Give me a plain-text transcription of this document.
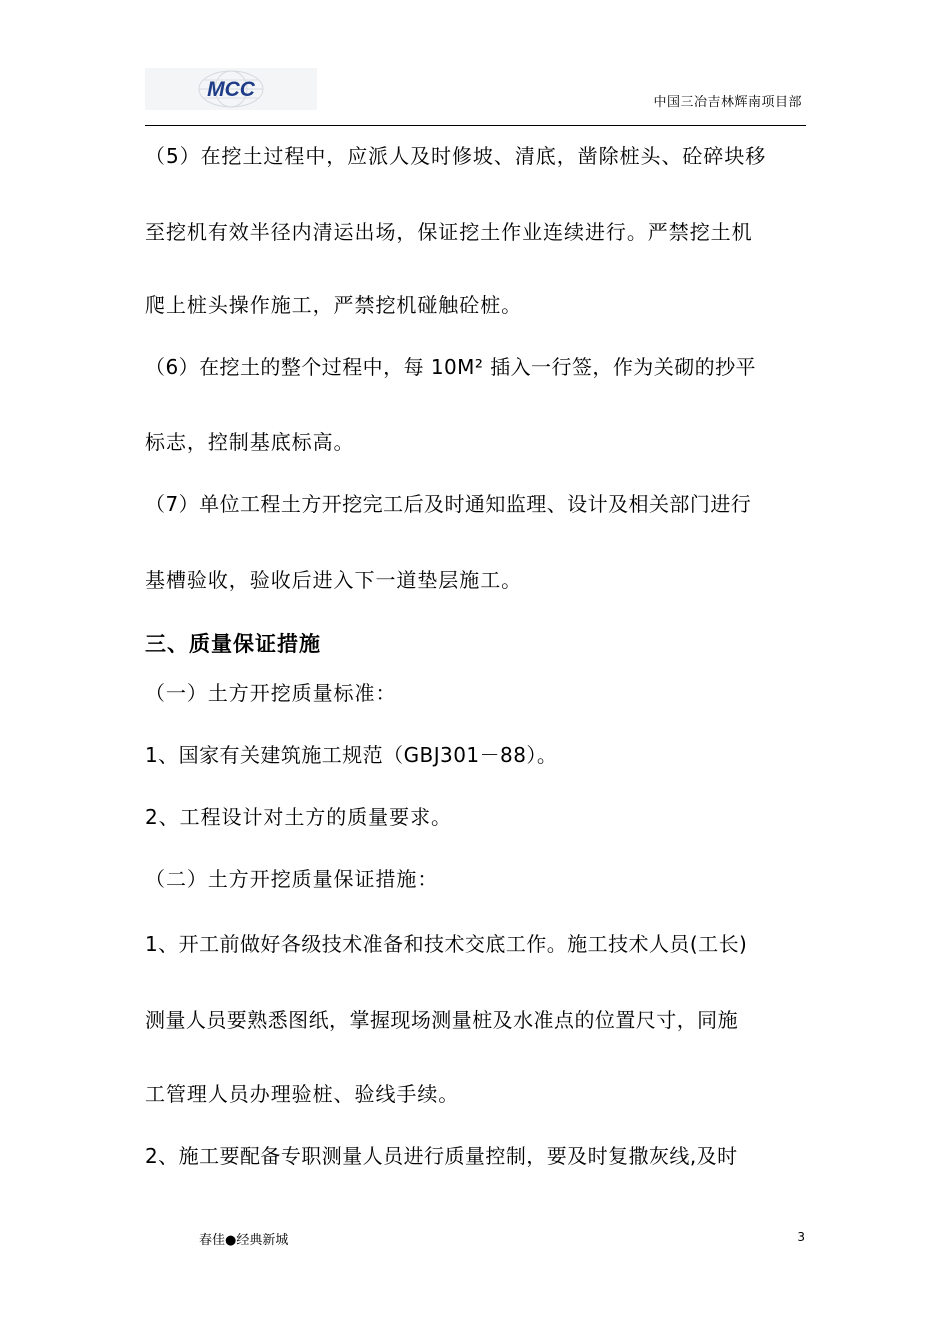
MCC
中国三冶吉林辉南项目部
（5）在挖土过程中，应派人及时修坡、清底，凿除桩头、砼碎块移
至挖机有效半径内清运出场，保证挖土作业连续进行。严禁挖土机
爬上桩头操作施工，严禁挖机碰触砼桩。
（6）在挖土的整个过程中，每 10M² 插入一行签，作为关砌的抄平
标志，控制基底标高。
（7）单位工程土方开挖完工后及时通知监理、设计及相关部门进行
基槽验收，验收后进入下一道垫层施工。
三、质量保证措施
（一）土方开挖质量标准：
1、国家有关建筑施工规范（GBJ301－88）。
2、工程设计对土方的质量要求。
（二）土方开挖质量保证措施：
1、开工前做好各级技术准备和技术交底工作。施工技术人员(工长)
测量人员要熟悉图纸，掌握现场测量桩及水准点的位置尺寸，同施
工管理人员办理验桩、验线手续。
2、施工要配备专职测量人员进行质量控制，要及时复撒灰线,及时
春佳●经典新城	3
